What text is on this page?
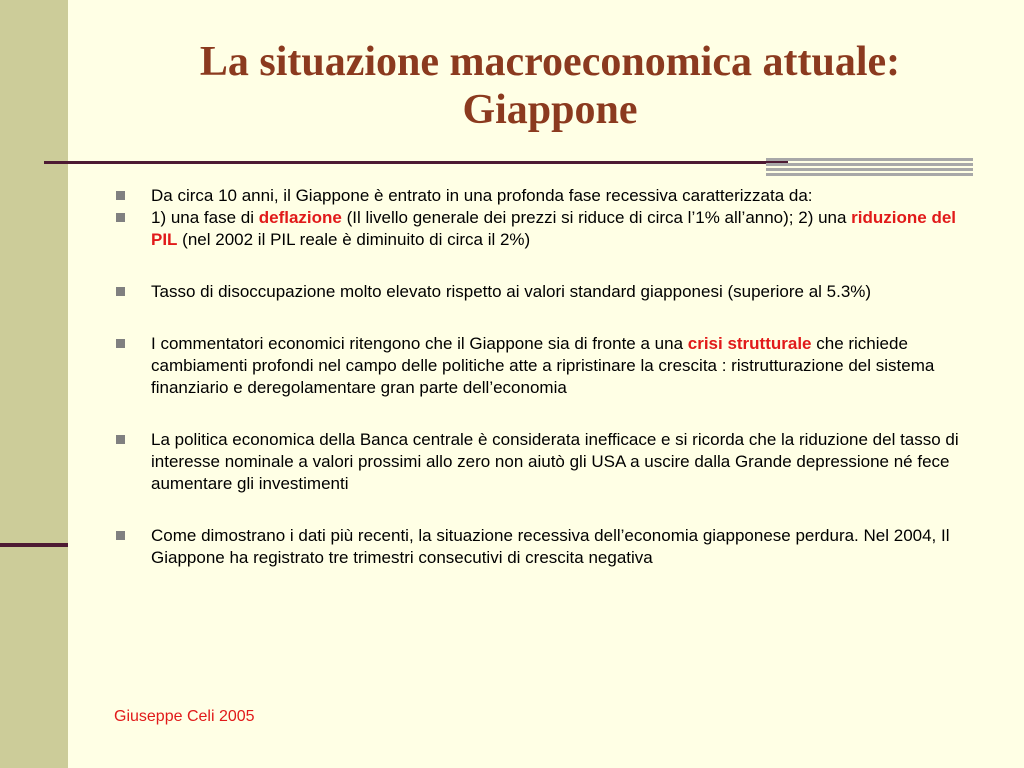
La situazione macroeconomica attuale:
Giappone
Da circa 10 anni, il Giappone è entrato in una profonda fase recessiva caratterizzata da:
1) una fase di deflazione (Il livello generale dei prezzi si riduce di circa l’1% all’anno); 2) una riduzione del PIL (nel 2002 il PIL reale è diminuito di circa il 2%)
Tasso di disoccupazione molto elevato rispetto ai valori standard giapponesi (superiore al 5.3%)
I commentatori economici ritengono che il Giappone sia di fronte a una crisi strutturale che richiede cambiamenti profondi nel campo delle politiche atte a ripristinare la crescita : ristrutturazione del sistema finanziario e deregolamentare gran parte dell’economia
La politica economica della Banca centrale è considerata inefficace e si ricorda che la riduzione del tasso di interesse nominale a valori prossimi allo zero non aiutò gli USA a uscire dalla Grande depressione né fece aumentare gli investimenti
Come dimostrano i dati più recenti, la situazione recessiva dell’economia giapponese perdura. Nel 2004, Il Giappone ha registrato tre trimestri consecutivi di crescita negativa
Giuseppe Celi 2005
